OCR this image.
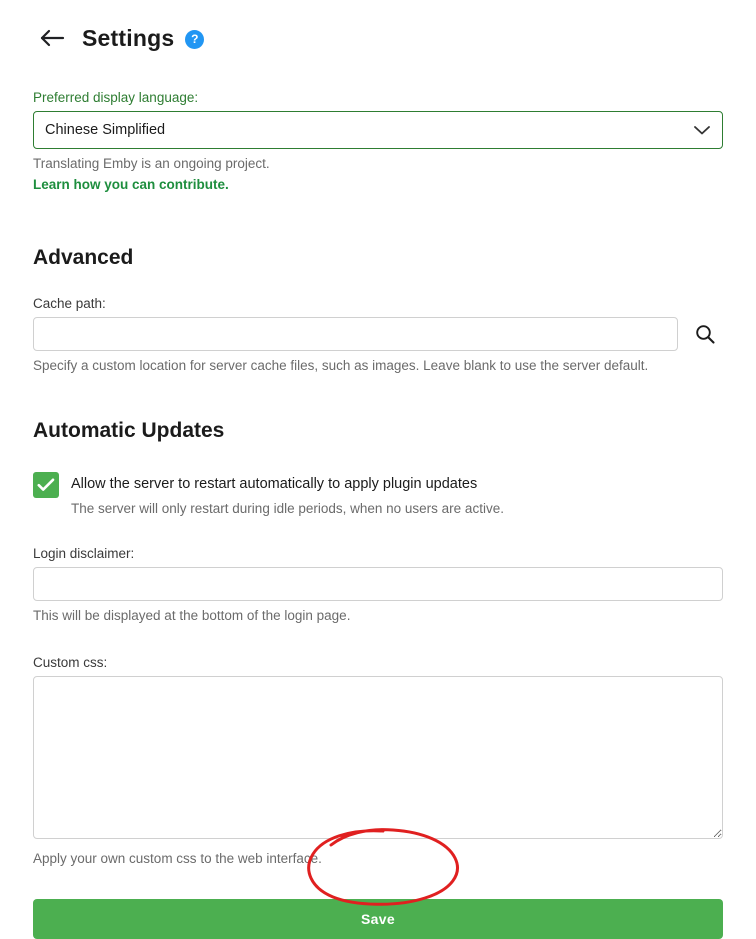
Settings	?
Preferred display language:
Chinese Simplified
Translating Emby is an ongoing project.
Learn how you can contribute.
Advanced
Cache path:
Specify a custom location for server cache files, such as images. Leave blank to use the server default.
Automatic Updates
Allow the server to restart automatically to apply plugin updates
The server will only restart during idle periods, when no users are active.
Login disclaimer:
This will be displayed at the bottom of the login page.
Custom css:
Apply your own custom css to the web interface.
Save
